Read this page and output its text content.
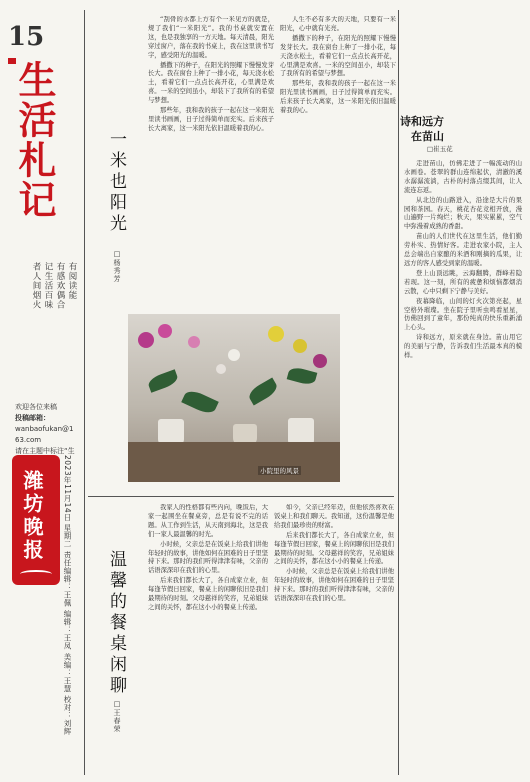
15
生活札记
有阅读能
有感欢偶合
记生活百味
者人间烟火
欢迎各位来稿
投稿邮箱：
wanbaofukan@163.com
请在主题中标注“生
潍坊晚报	2023年11月14日 星期二 责任编辑：王佩 编辑：王凤 美编：王慧 校对：刘辉
一米也阳光
□杨秀芳

“刮骨的水都上方有个一米见方的就是，规了我们“一米阳光”。我的书桌就安置在这，也是我独享的一方天地。每天清晨，阳光穿过窗户，落在我的书桌上，我在这里读书写字，感受阳光的温暖。

播撒下的种子，在阳光的照耀下慢慢发芽长大。我在窗台上种了一排小花，每天浇水松土，看着它们一点点长高开花，心里满是欢喜。一米的空间虽小，却装下了我所有的希望与梦想。

那些年，我和我的孩子一起在这一米阳光里读书画画，日子过得简单而充实。后来孩子长大离家，这一米阳光依旧温暖着我的心。

人生不必有多大的天地，只要有一米阳光，心中就有光亮。

播撒下的种子，在阳光的照耀下慢慢发芽长大。我在窗台上种了一排小花，每天浇水松土，看着它们一点点长高开花，心里满是欢喜。一米的空间虽小，却装下了我所有的希望与梦想。

那些年，我和我的孩子一起在这一米阳光里读书画画，日子过得简单而充实。后来孩子长大离家，这一米阳光依旧温暖着我的心。

小院里的风景
温馨的餐桌闲聊
□王春荣

我家人的性格都有些内向，晚饭后，大家一起围坐在餐桌旁，总是有说不完的话题。从工作到生活，从天南到海北，这是我们一家人最温馨的时光。

小时候，父亲总是在饭桌上给我们讲他年轻时的故事，讲他如何在困难的日子里坚持下来。那时的我们听得津津有味，父亲的话语深深印在我们的心里。

后来我们都长大了，各自成家立业，但每逢节假日回家，餐桌上的闲聊依旧是我们最期待的时刻。父母慈祥的笑容，兄弟姐妹之间的关怀，都在这小小的餐桌上传递。

如今，父亲已经年迈，但他依然喜欢在饭桌上和我们聊天。我知道，这份温馨是他给我们最珍贵的财富。

后来我们都长大了，各自成家立业，但每逢节假日回家，餐桌上的闲聊依旧是我们最期待的时刻。父母慈祥的笑容，兄弟姐妹之间的关怀，都在这小小的餐桌上传递。

小时候，父亲总是在饭桌上给我们讲他年轻时的故事，讲他如何在困难的日子里坚持下来。那时的我们听得津津有味，父亲的话语深深印在我们的心里。

诗和远方
在苗山
□崔玉花

走进苗山，仿佛走进了一幅流动的山水画卷。苍翠的群山连绵起伏，清澈的溪水潺潺流淌，古朴的村落点缀其间，让人流连忘返。

从北边的山路进入，沿途是大片的果园和茶园。春天，桃花杏花竞相开放，漫山遍野一片绚烂；秋天，果实累累，空气中弥漫着成熟的香甜。

苗山的人们世代在这里生活，他们勤劳朴实、热情好客。走进农家小院，主人总会端出自家酿的米酒和刚摘的瓜果，让远方的客人感受到家的温暖。

登上山顶远眺，云海翻腾，群峰若隐若现。这一刻，所有的疲惫和烦恼都烟消云散，心中只剩下宁静与美好。

夜幕降临，山间的灯火次第亮起，星空格外璀璨。坐在院子里听虫鸣看星星，仿佛回到了童年，那份纯真的快乐重新涌上心头。

诗和远方，原来就在身边。苗山用它的美丽与宁静，告诉我们生活最本真的模样。
